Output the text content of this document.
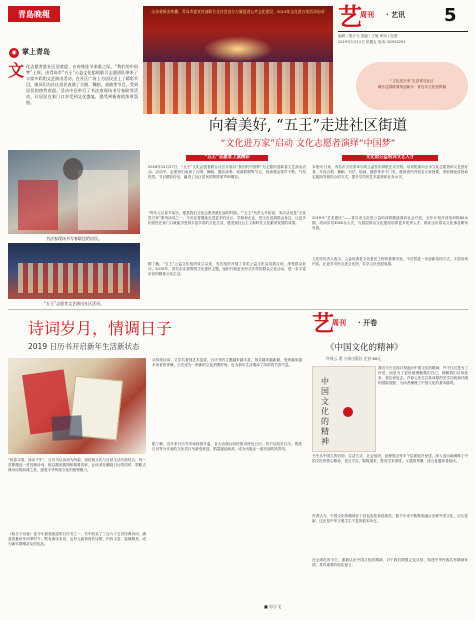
青島晚報
◉ 掌上青岛
文 化志愿者进社区送欢迎、在传统佳节来临之际，“我们的中国梦”上周，由青岛市“五王”公益文化组织联合志愿团队带来了丰富多彩的文艺演出活动，在社区广场上为居民送上了精彩节目，演员们为社区居民表演了合唱、舞蹈、戏曲等节目，受到居民的热烈欢迎。活动中还举行了书法家现场书写春联等活动，让居民在家门口享受到文化盛宴，感受到新春的浓厚氛围。
书法家现场书写春联送给居民。
“五王”志愿者文艺演出社区活动。
山东省新安传播、青岛市委宣传部联合全社会各方力量促进公共文化建设、2019年文化进万家活动启动 艺
周刊 · 艺讯 5
编辑 / 燕小飞 美编 / 王敏 审读 / 伍莲
2019年1月11日 星期五 电话: 82933291
“文化进万家”走进青岛社区
暖冬送春联剪纸迎新年 · 青岛市文化馆供稿
向着美好, “五王”走进社区街道
“文化进万家”启动 文化志愿者演绎“中国梦”
“五王”志愿者上演精彩
2018年12月27日，“五王”文化志愿者联合社区开展以“我们的中国梦”为主题的迎新春文艺演出活动。活动中，志愿者们表演了合唱、舞蹈、器乐演奏、戏曲联唱等节目，现场观众掌声不断，气氛热烈，节目精彩纷呈，赢得了社区居民的阵阵掌声和喝彩。
“每年元旦春节前后，都是我们文化志愿者最忙碌的时候。”“五王”负责人介绍说，本次活动是“文化进万家”系列活动之一，今后还将继续走进更多的社区、学校和企业，把文化送到群众身边，让更多的居民在家门口就能享受到丰富多彩的文化生活，感受到社会主义新时代文化繁荣发展的成果。
据了解，“五王”公益文化组织成立以来，先后组织开展了各类公益文化活动数百场，深受群众好评。2019年，青岛市还将围绕文化惠民主题，组织开展更多形式多样的群众文化活动，进一步丰富市民的精神文化生活。
文化馆公益培训文艺人才
本报讯 日前，青岛市文化馆举办的公益性培训班正式开班。培训班面向全市文化志愿者和文艺爱好者，开设合唱、舞蹈、书法、绘画、摄影等多个门类，邀请省内外知名专家授课，采取理论讲授和实践指导相结合的方式，提升学员的艺术素养和业务水平。
2019年“艺术惠民”——青岛市文化馆公益培训将继续面向社会开放，全年计划开设培训班80余期，培训学员3000余人次，为基层群众文化建设培养更多优秀人才，推动全市群众文化事业繁荣发展。
文化馆负责人表示，公益培训是文化惠民工程的重要内容，今后将进一步创新培训方式，丰富培训内容，让更多市民走进文化馆，共享文化发展成果。
诗词岁月，情调日子
2019 日历书开启新年生活新状态
“执卷寻春，读诗千年”，日历书以诗词为线索，将传统文化与日常生活巧妙结合，每一页都精选一首经典诗词，配以精美插图和简要赏析，让读者在翻阅日历的同时，领略古典诗词的韵味之美，感受中华传统文化的独特魅力。
《给日子诗意》是今年最受欢迎的日历书之一，书中收录了三百六十五首经典诗词，涵盖春夏秋冬四季时令，既有唐诗宋词，也有元曲和现代诗歌，内容丰富，装帧精美，成为新年馈赠亲友的佳品。
从传统诗词、文学名著到艺术鉴赏，日历书的主题越来越丰富，形式越来越新颖，受到越来越多读者的青睐，正在成为一种新的文化消费时尚，也为新年生活增添了浓浓的书香气息。
据了解，近年来日历书市场持续升温，各大出版社纷纷推出特色日历，其中以故宫日历、敦煌日历等为代表的文化类日历最受欢迎，销量屡创新高，成为出版业一道亮丽的风景线。
■ 男小飞
艺
周刊 · 开卷
《中国文化的精神》
许倬云 著 九州出版社 定价:68元
中国文化的精神
我们今天去探讨和追问中国文化的精神，并不仅仅是为了怀旧，而是为了更好地理解我们自己，理解我们从何处来、将往何处去。许倬云先生以其深厚的史学功底和开阔的国际视野，为读者梳理了中国文化的基本脉络。
书中从中国人的信仰、生活方式、社会组织、伦理观念等多个层面展开论述，深入浅出地阐释了中国文化的核心精神，语言平实，娓娓道来，既有学术深度，又通俗易懂，适合普通读者阅读。
作者认为，中国文化的精神在于其包容性和延续性，数千年来不断吸收融合各种外来文化，历久弥新，这正是中华文明生生不息的根本所在。
在全球化的今天，重新认识中国文化的精神，对于我们增强文化自信、构建中华民族共有精神家园，具有重要的现实意义。
